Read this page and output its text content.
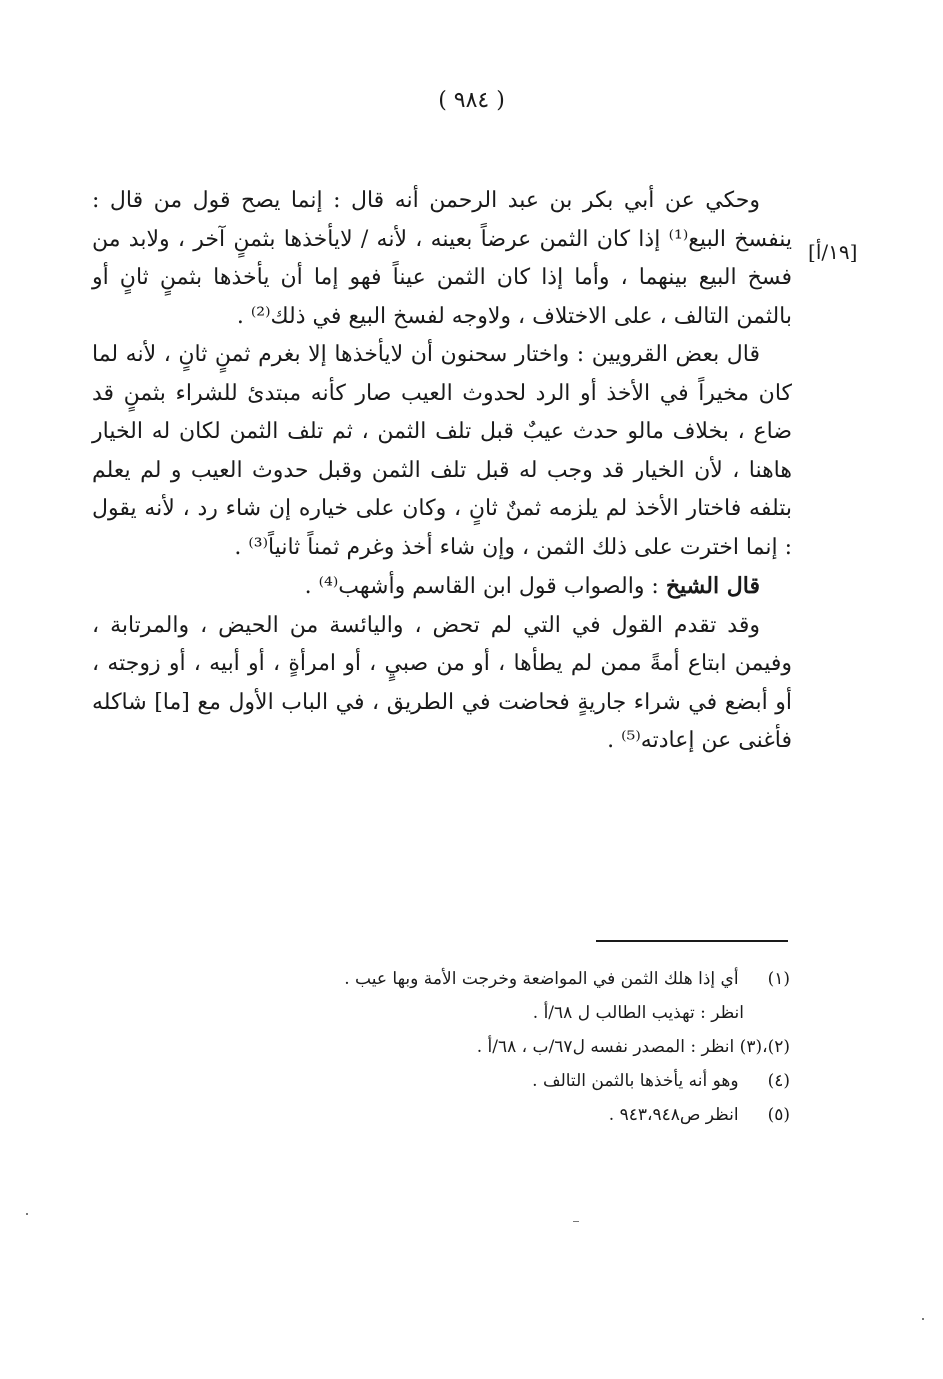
( ٩٨٤ )
[١٩/أ]

وحكي عن أبي بكر بن عبد الرحمن أنه قال : إنما يصح قول من قال : ينفسخ البيع⁽¹⁾ إذا كان الثمن عرضاً بعينه ، لأنه / لايأخذها بثمنٍ آخر ، ولابد من فسخ البيع بينهما ، وأما إذا كان الثمن عيناً فهو إما أن يأخذها بثمنٍ ثانٍ أو بالثمن التالف ، على الاختلاف ، ولاوجه لفسخ البيع في ذلك⁽²⁾ .

قال بعض القرويين : واختار سحنون أن لايأخذها إلا بغرم ثمنٍ ثانٍ ، لأنه لما كان مخيراً في الأخذ أو الرد لحدوث العيب صار كأنه مبتدئ للشراء بثمنٍ قد ضاع ، بخلاف مالو حدث عيبٌ قبل تلف الثمن ، ثم تلف الثمن لكان له الخيار هاهنا ، لأن الخيار قد وجب له قبل تلف الثمن وقبل حدوث العيب و لم يعلم بتلفه فاختار الأخذ لم يلزمه ثمنٌ ثانٍ ، وكان على خياره إن شاء رد ، لأنه يقول : إنما اخترت على ذلك الثمن ، وإن شاء أخذ وغرم ثمناً ثانياً⁽³⁾ .

قال الشيخ : والصواب قول ابن القاسم وأشهب⁽⁴⁾ .

وقد تقدم القول في التي لم تحض ، واليائسة من الحيض ، والمرتابة ، وفيمن ابتاع أمةً ممن لم يطأها ، أو من صبيٍ ، أو امرأةٍ ، أو أبيه ، أو زوجته ، أو أبضع في شراء جاريةٍ فحاضت في الطريق ، في الباب الأول مع [ما] شاكله فأغنى عن إعادته⁽⁵⁾ .

(١) أي إذا هلك الثمن في المواضعة وخرجت الأمة وبها عيب .
انظر : تهذيب الطالب ل ٦٨/أ .
(٢)،(٣) انظر : المصدر نفسه ل٦٧/ب ، ٦٨/أ .
(٤) وهو أنه يأخذها بالثمن التالف .
(٥) انظر ص٩٤٣،٩٤٨ .
